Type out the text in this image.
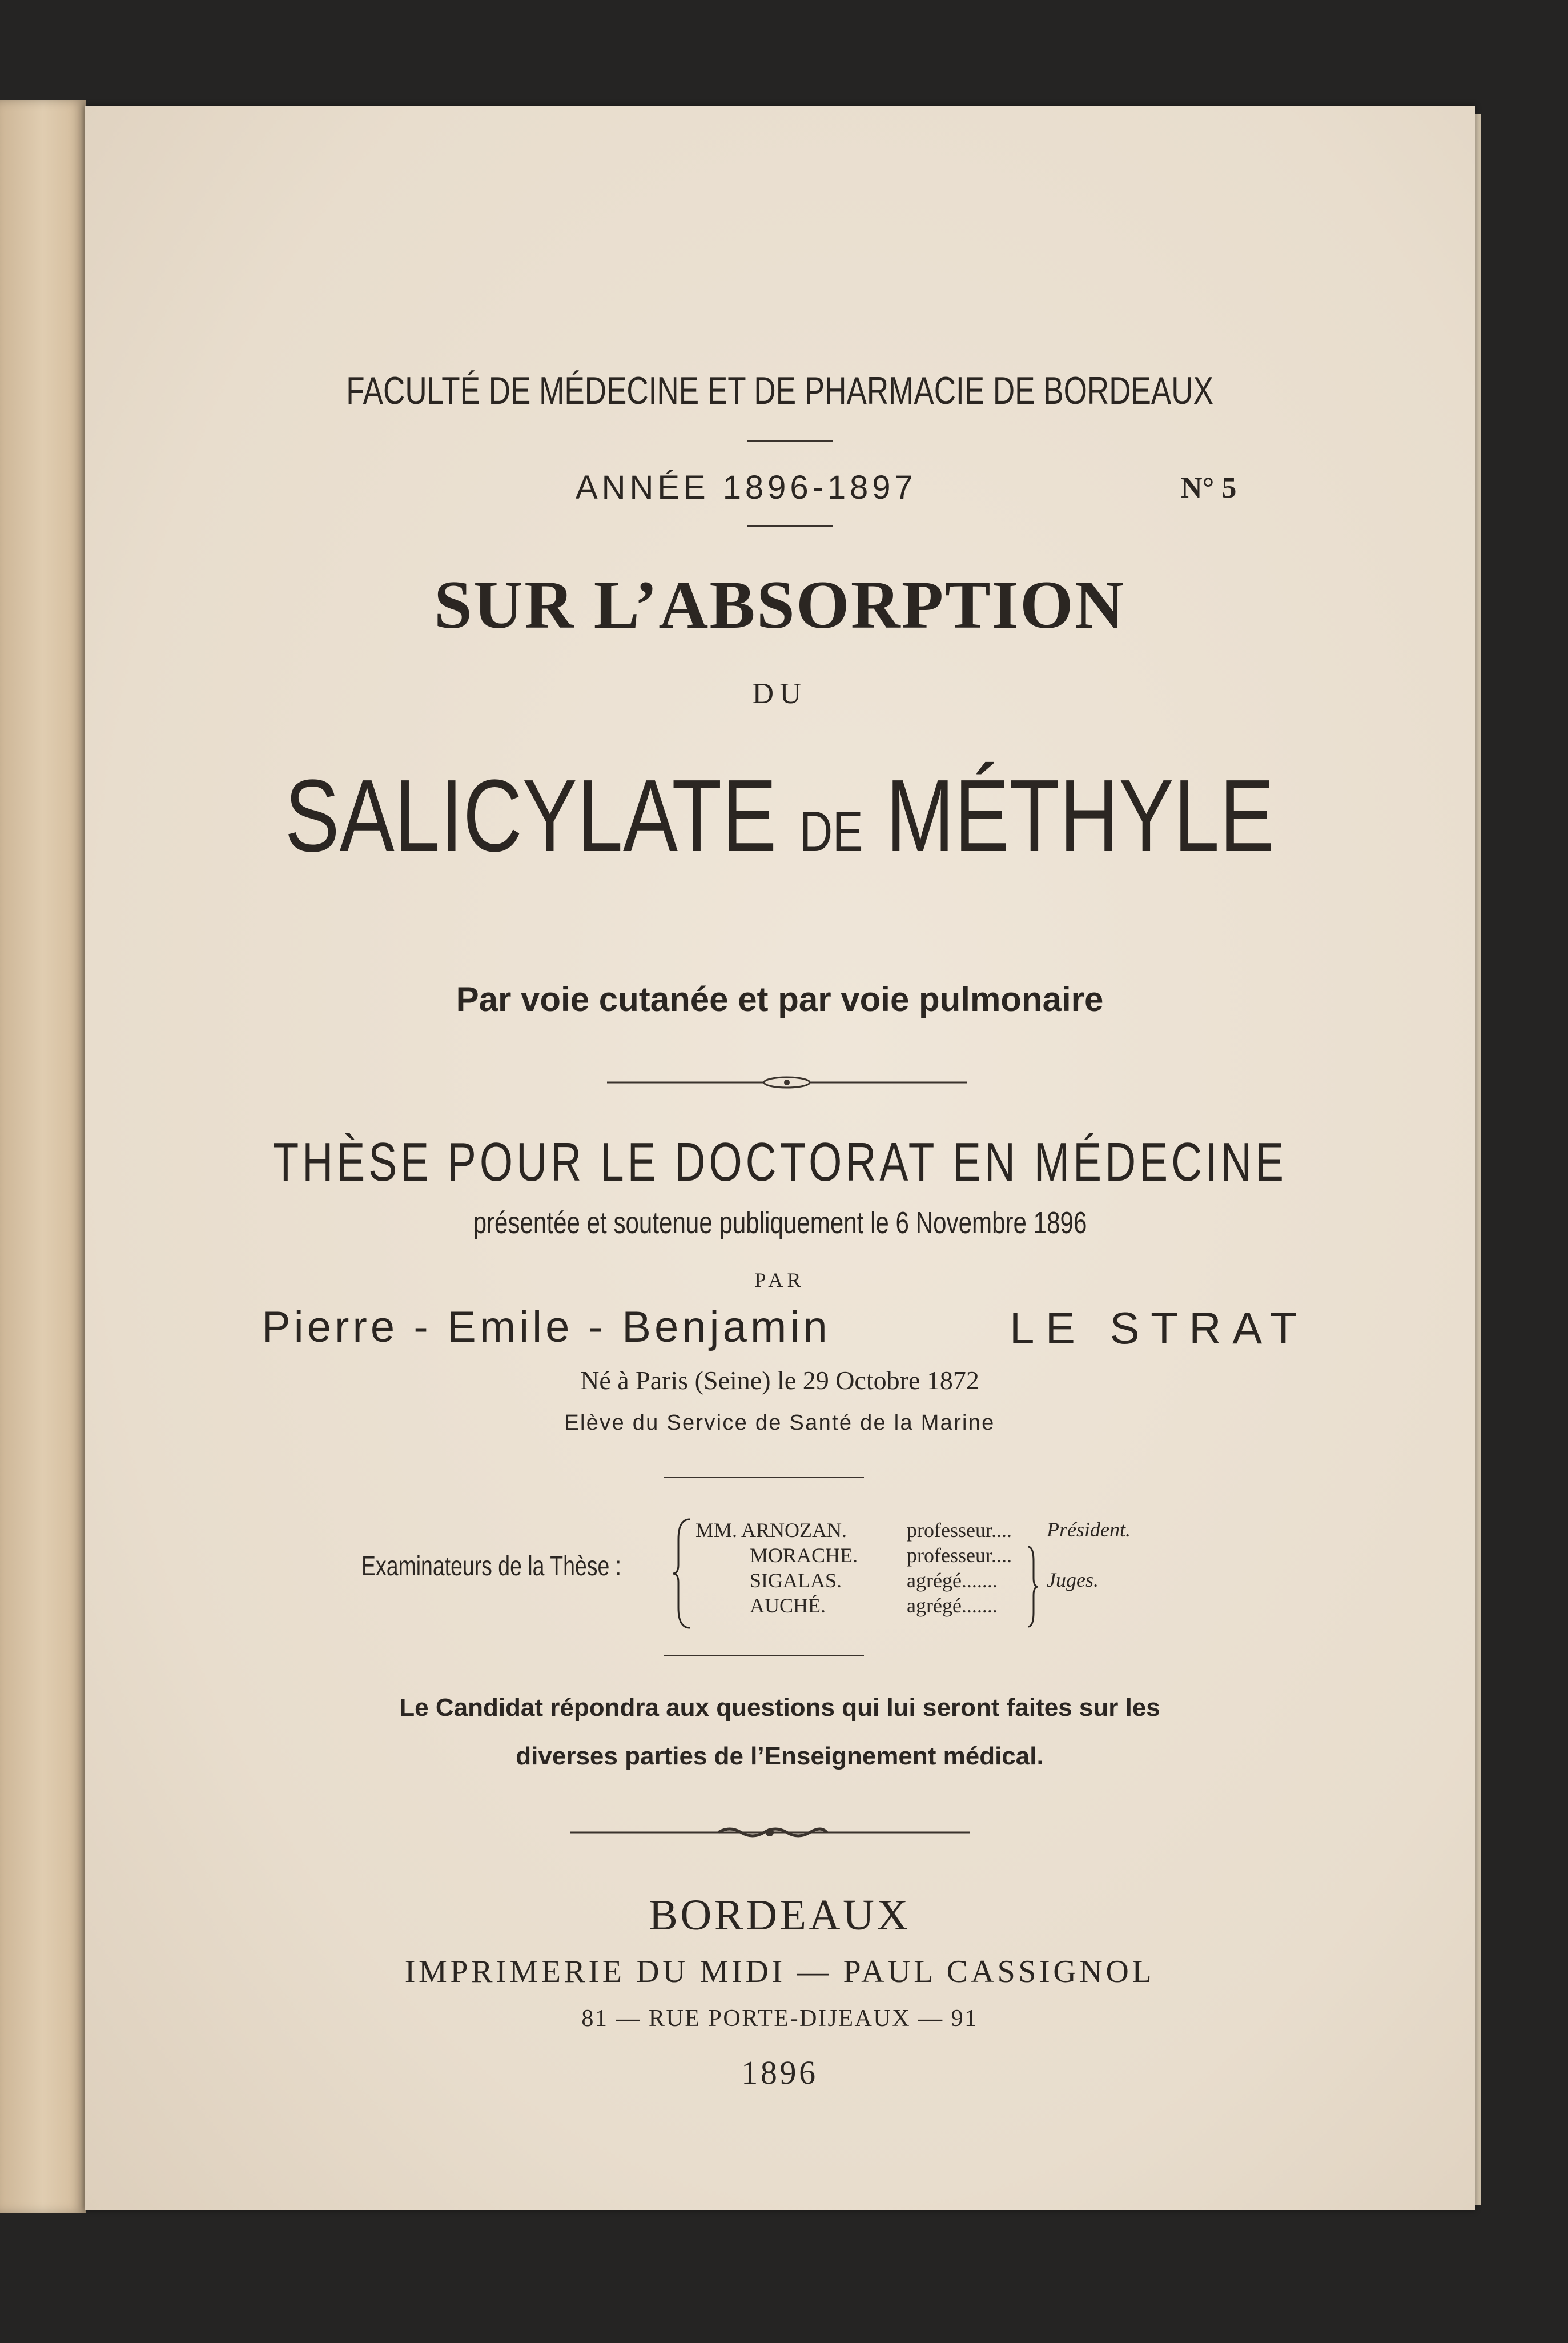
FACULTÉ DE MÉDECINE ET DE PHARMACIE DE BORDEAUX
ANNÉE 1896-1897	N° 5
SUR L’ABSORPTION
DU
SALICYLATE DE MÉTHYLE
Par voie cutanée et par voie pulmonaire
THÈSE POUR LE DOCTORAT EN MÉDECINE
présentée et soutenue publiquement le 6 Novembre 1896
PAR
Pierre - Emile - Benjamin	LE STRAT
Né à Paris (Seine) le 29 Octobre 1872
Elève du Service de Santé de la Marine
Examinateurs de la Thèse :
MM. ARNOZAN.
MORACHE.
SIGALAS.
AUCHÉ.
professeur....
professeur....
agrégé.......
agrégé.......
Président.
Juges.
Le Candidat répondra aux questions qui lui seront faites sur les
diverses parties de l’Enseignement médical.
BORDEAUX
IMPRIMERIE DU MIDI — PAUL CASSIGNOL
81 — RUE PORTE-DIJEAUX — 91
1896
